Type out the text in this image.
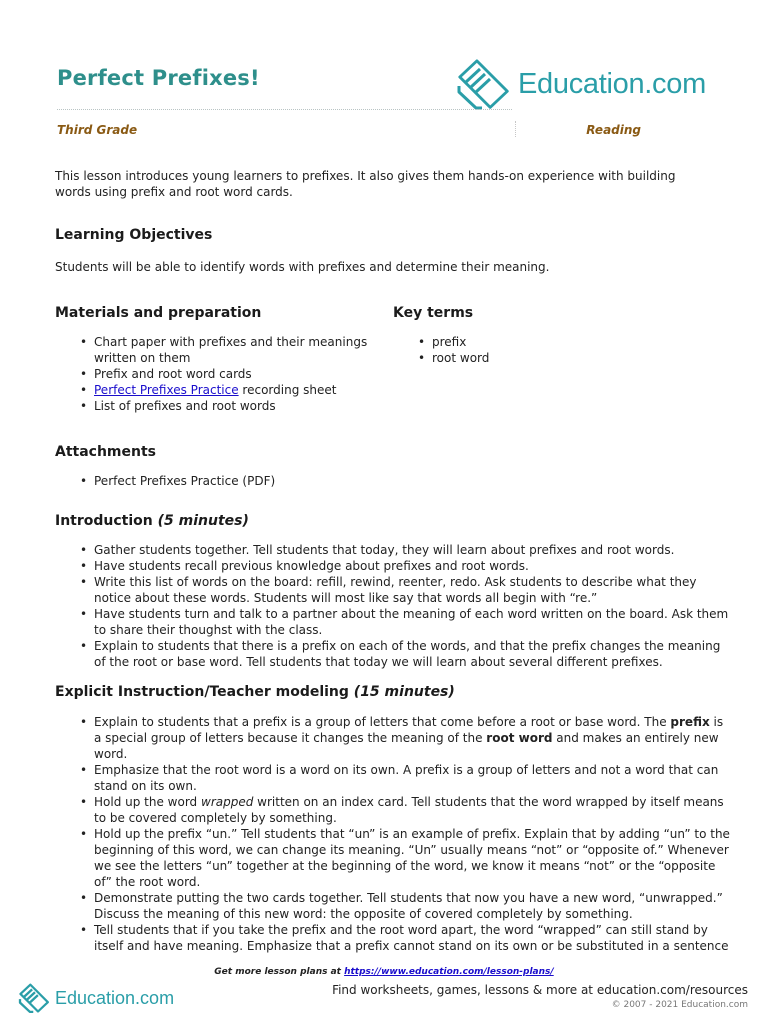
Perfect Prefixes!	Education.com
Third Grade	Reading
This lesson introduces young learners to prefixes. It also gives them hands-on experience with building words using prefix and root word cards.
Learning Objectives
Students will be able to identify words with prefixes and determine their meaning.
Materials and preparation
• Chart paper with prefixes and their meanings written on them
• Prefix and root word cards
• Perfect Prefixes Practice recording sheet
• List of prefixes and root words
Key terms
• prefix
• root word
Attachments
• Perfect Prefixes Practice (PDF)
Introduction (5 minutes)
• Gather students together. Tell students that today, they will learn about prefixes and root words.
• Have students recall previous knowledge about prefixes and root words.
• Write this list of words on the board: refill, rewind, reenter, redo. Ask students to describe what they notice about these words. Students will most like say that words all begin with “re.”
• Have students turn and talk to a partner about the meaning of each word written on the board. Ask them to share their thoughst with the class.
• Explain to students that there is a prefix on each of the words, and that the prefix changes the meaning of the root or base word. Tell students that today we will learn about several different prefixes.
Explicit Instruction/Teacher modeling (15 minutes)
• Explain to students that a prefix is a group of letters that come before a root or base word. The prefix is a special group of letters because it changes the meaning of the root word and makes an entirely new word.
• Emphasize that the root word is a word on its own. A prefix is a group of letters and not a word that can stand on its own.
• Hold up the word wrapped written on an index card. Tell students that the word wrapped by itself means to be covered completely by something.
• Hold up the prefix “un.” Tell students that “un” is an example of prefix. Explain that by adding “un” to the beginning of this word, we can change its meaning. “Un” usually means “not” or “opposite of.” Whenever we see the letters “un” together at the beginning of the word, we know it means “not” or the “opposite of” the root word.
• Demonstrate putting the two cards together. Tell students that now you have a new word, “unwrapped.” Discuss the meaning of this new word: the opposite of covered completely by something.
• Tell students that if you take the prefix and the root word apart, the word “wrapped” can still stand by itself and have meaning. Emphasize that a prefix cannot stand on its own or be substituted in a sentence
Get more lesson plans at https://www.education.com/lesson-plans/
Find worksheets, games, lessons & more at education.com/resources
© 2007 - 2021 Education.com
Education.com
